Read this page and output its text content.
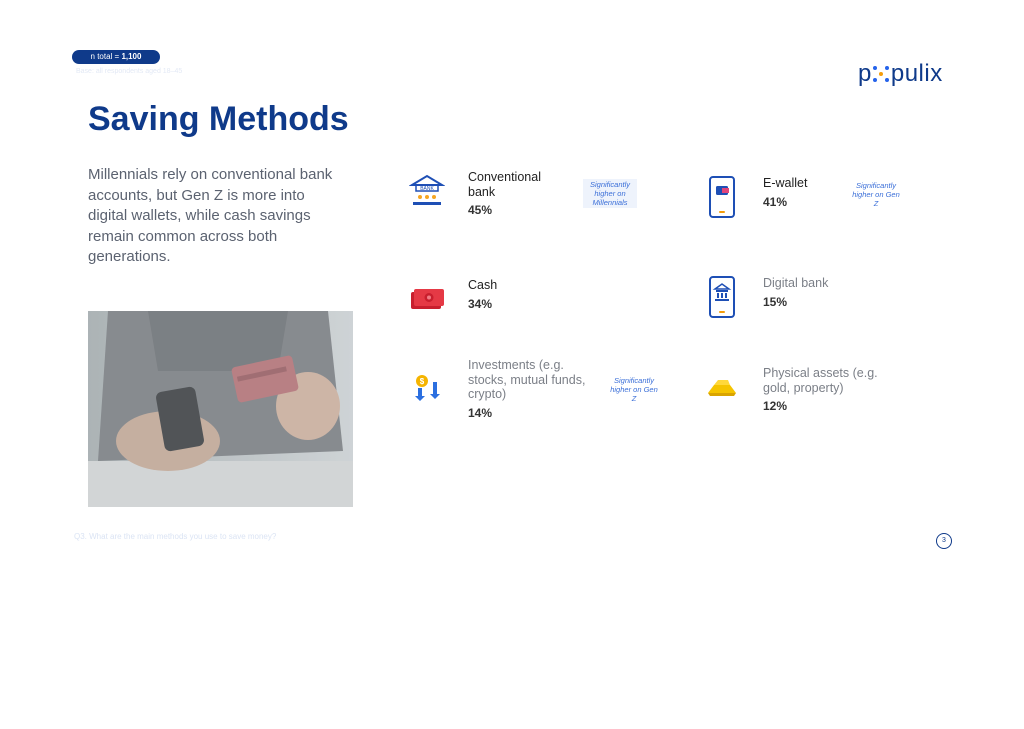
n total = 1,100
Base: all respondents aged 18–45	p pulix
Saving Methods
Millennials rely on conventional bank accounts, but Gen Z is more into digital wallets, while cash savings remain common across both generations.
BANK
Conventional bank
45%
Significantly higher on Millennials
E-wallet
41%
Significantly higher on Gen Z
Cash
34%
Digital bank
15%
$
Investments (e.g. stocks, mutual funds, crypto)
14%
Significantly higher on Gen Z
Physical assets (e.g. gold, property)
12%
Q3. What are the main methods you use to save money?	3
